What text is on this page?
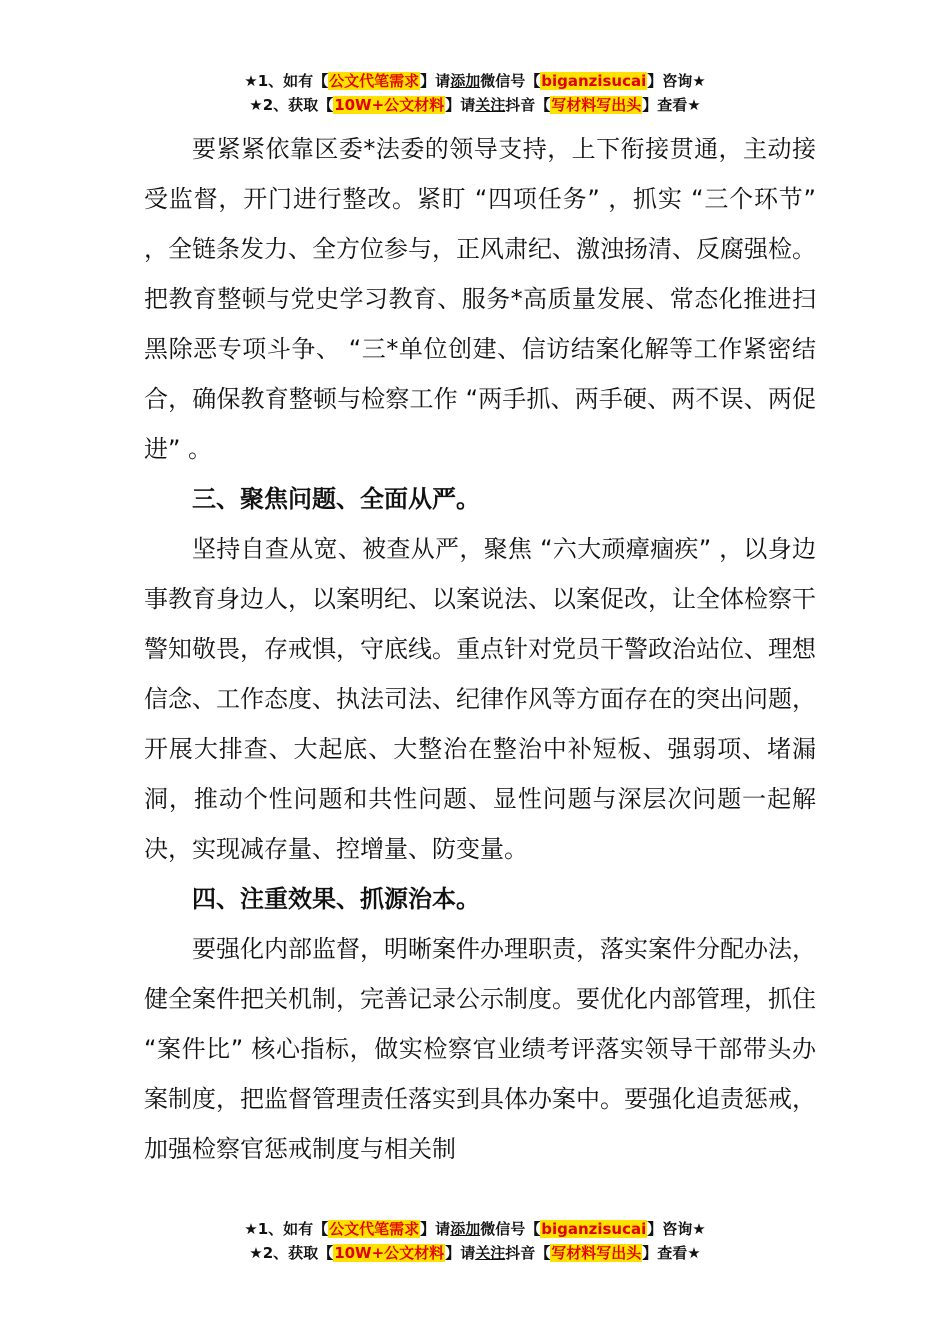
★1、如有【公文代笔需求】请添加微信号【biganzisucai】咨询★
★2、获取【10W+公文材料】请关注抖音【写材料写出头】查看★

要紧紧依靠区委*法委的领导支持，上下衔接贯通，主动接受监督，开门进行整改。紧盯 “四项任务” ，抓实 “三个环节” ，全链条发力、全方位参与，正风肃纪、激浊扬清、反腐强检。把教育整顿与党史学习教育、服务*高质量发展、常态化推进扫黑除恶专项斗争、 “三*单位创建、信访结案化解等工作紧密结合，确保教育整顿与检察工作 “两手抓、两手硬、两不误、两促进” 。

三、聚焦问题、全面从严。

坚持自查从宽、被查从严，聚焦 “六大顽瘴痼疾” ，以身边事教育身边人，以案明纪、以案说法、以案促改，让全体检察干警知敬畏，存戒惧，守底线。重点针对党员干警政治站位、理想信念、工作态度、执法司法、纪律作风等方面存在的突出问题，开展大排查、大起底、大整治在整治中补短板、强弱项、堵漏洞，推动个性问题和共性问题、显性问题与深层次问题一起解决，实现减存量、控增量、防变量。

四、注重效果、抓源治本。

要强化内部监督，明晰案件办理职责，落实案件分配办法，健全案件把关机制，完善记录公示制度。要优化内部管理，抓住 “案件比” 核心指标，做实检察官业绩考评落实领导干部带头办案制度，把监督管理责任落实到具体办案中。要强化追责惩戒，加强检察官惩戒制度与相关制

★1、如有【公文代笔需求】请添加微信号【biganzisucai】咨询★
★2、获取【10W+公文材料】请关注抖音【写材料写出头】查看★
